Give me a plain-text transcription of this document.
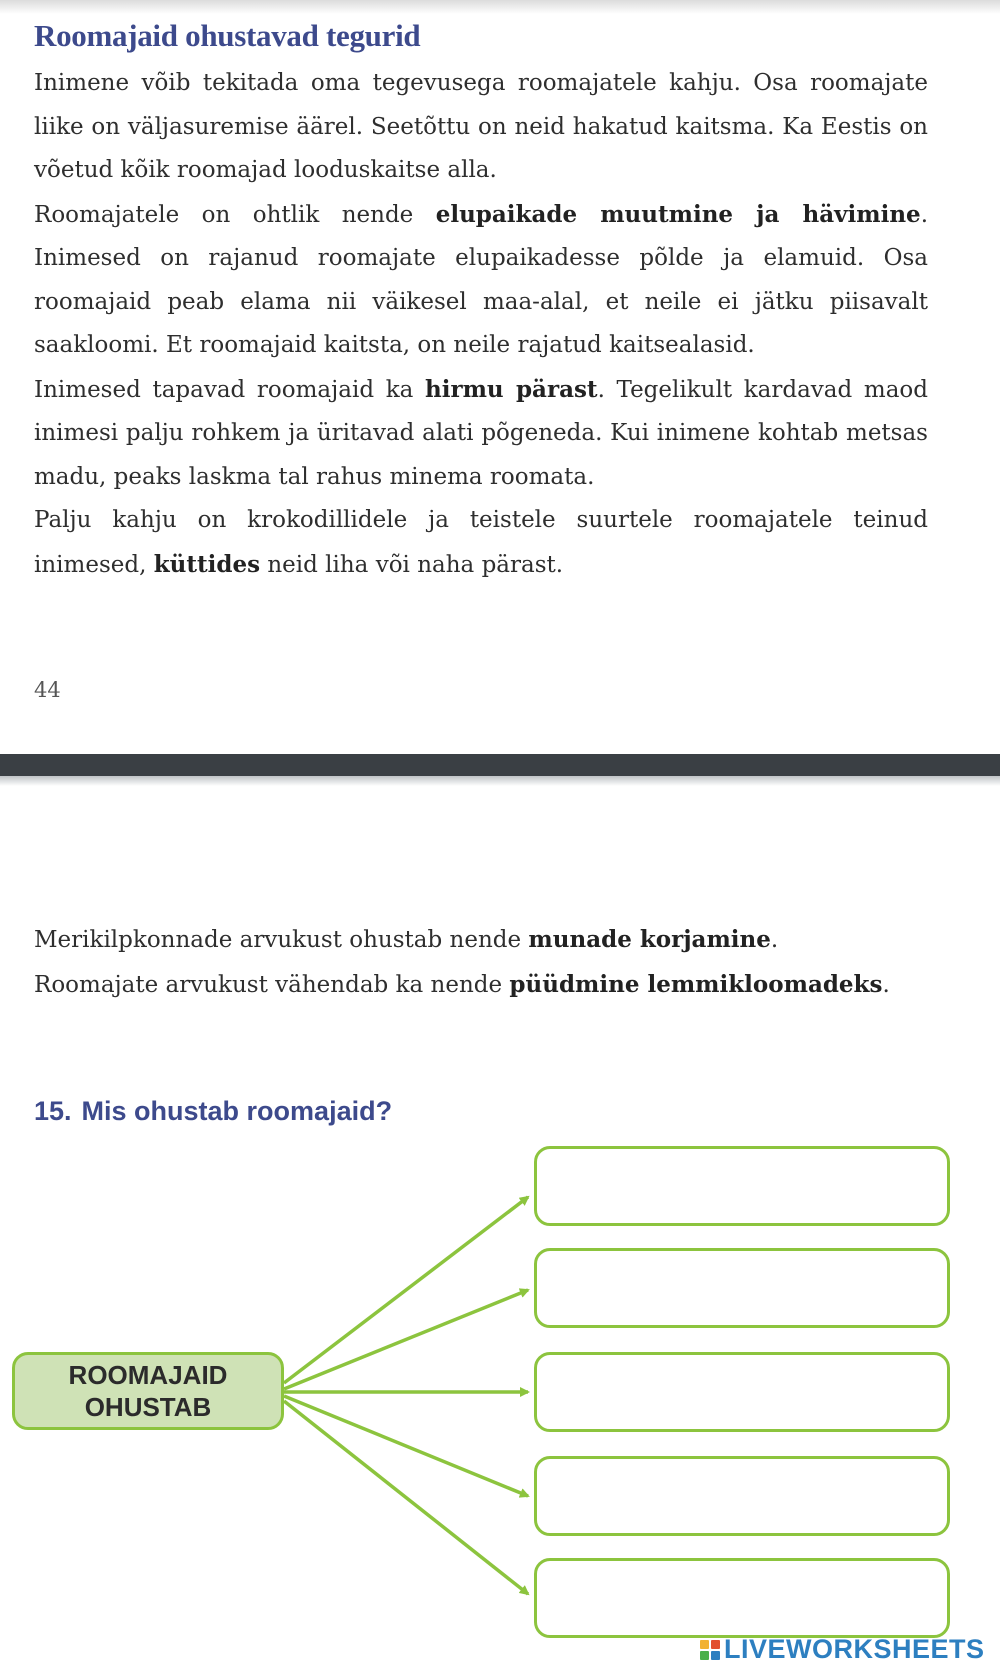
Roomajaid ohustavad tegurid

Inimene võib tekitada oma tegevusega roomajatele kahju. Osa roomajate liike on väljasuremise äärel. Seetõttu on neid hakatud kaitsma. Ka Eestis on võetud kõik roomajad looduskaitse alla.

Roomajatele on ohtlik nende elupaikade muutmine ja hävimine. Inimesed on rajanud roomajate elupaikadesse põlde ja elamuid. Osa roomajaid peab elama nii väikesel maa-alal, et neile ei jätku piisavalt saakloomi. Et roomajaid kaitsta, on neile rajatud kaitsealasid.

Inimesed tapavad roomajaid ka hirmu pärast. Tegelikult kardavad maod inimesi palju rohkem ja üritavad alati põgeneda. Kui inimene kohtab metsas madu, peaks laskma tal rahus minema roomata.

Palju kahju on krokodillidele ja teistele suurtele roomajatele teinud inimesed, küttides neid liha või naha pärast.

44

Merikilpkonnade arvukust ohustab nende munade korjamine.

Roomajate arvukust vähendab ka nende püüdmine lemmikloomadeks.

15. Mis ohustab roomajaid?
ROOMAJAID
OHUSTAB
LIVEWORKSHEETS
